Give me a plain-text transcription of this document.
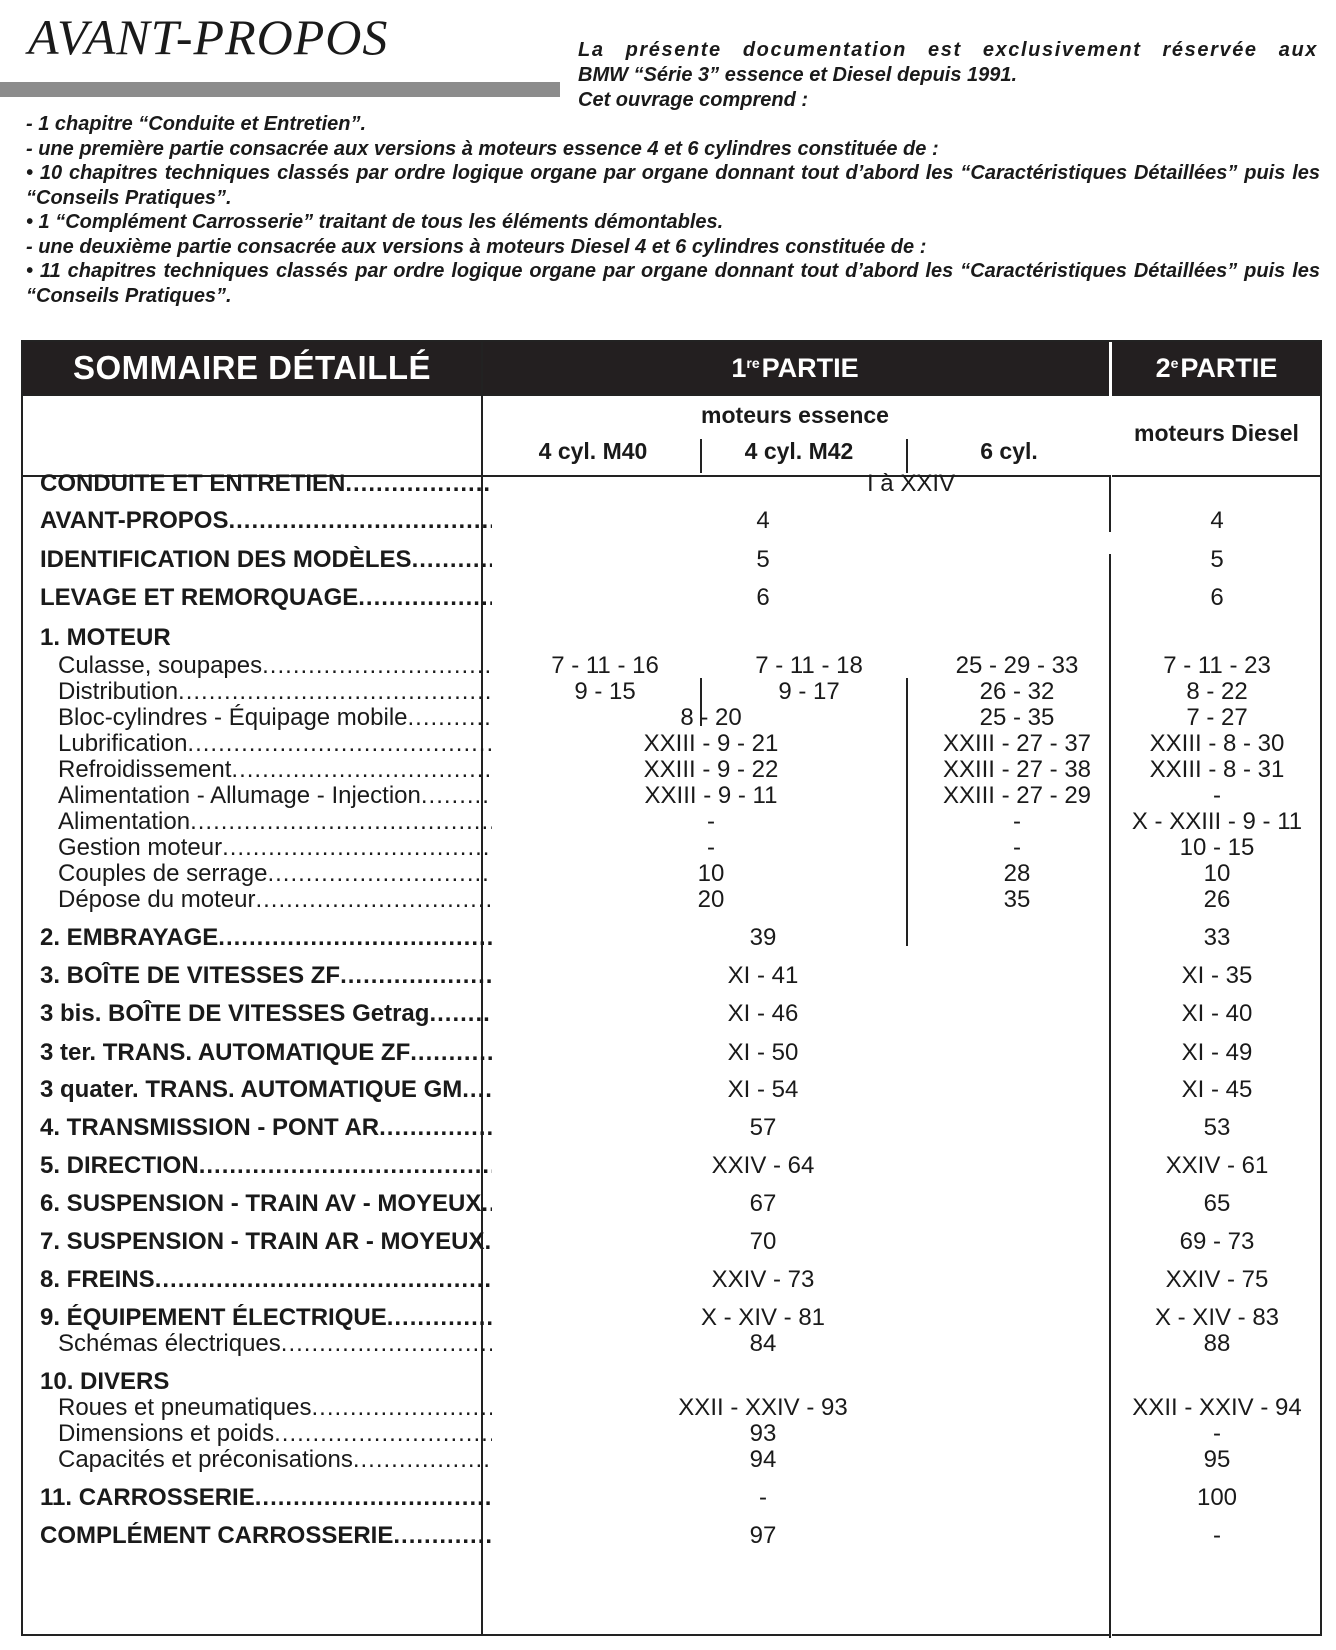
AVANT-PROPOS	La présente documentation est exclusivement réservée aux
BMW “Série 3” essence et Diesel depuis 1991.
Cet ouvrage comprend :
- 1 chapitre “Conduite et Entretien”.
- une première partie consacrée aux versions à moteurs essence 4 et 6 cylindres constituée de :
• 10 chapitres techniques classés par ordre logique organe par organe donnant tout d’abord les “Caractéristiques Détaillées” puis les
“Conseils Pratiques”.
• 1 “Complément Carrosserie” traitant de tous les éléments démontables.
- une deuxième partie consacrée aux versions à moteurs Diesel 4 et 6 cylindres constituée de :
• 11 chapitres techniques classés par ordre logique organe par organe donnant tout d’abord les “Caractéristiques Détaillées” puis les
“Conseils Pratiques”.
SOMMAIRE DÉTAILLÉ	1re PARTIE	2e PARTIE
moteurs essence
4 cyl. M40	4 cyl. M42	6 cyl.
moteurs Diesel
CONDUITE ET ENTRETIEN .....	I à XXIV
AVANT-PROPOS .....	4	4
IDENTIFICATION DES MODÈLES .....	5	5
LEVAGE ET REMORQUAGE .....	6	6
1. MOTEUR
Culasse, soupapes .....	7 - 11 - 16	7 - 11 - 18	25 - 29 - 33	7 - 11 - 23
Distribution .....	9 - 15	9 - 17	26 - 32	8 - 22
Bloc-cylindres - Équipage mobile .....	8 - 20	25 - 35	7 - 27
Lubrification .....	XXIII - 9 - 21	XXIII - 27 - 37	XXIII - 8 - 30
Refroidissement .....	XXIII - 9 - 22	XXIII - 27 - 38	XXIII - 8 - 31
Alimentation - Allumage - Injection .....	XXIII - 9 - 11	XXIII - 27 - 29	-
Alimentation .....	-	-	X - XXIII - 9 - 11
Gestion moteur .....	-	-	10 - 15
Couples de serrage .....	10	28	10
Dépose du moteur .....	20	35	26
2. EMBRAYAGE .....	39	33
3. BOÎTE DE VITESSES ZF .....	XI - 41	XI - 35
3 bis. BOÎTE DE VITESSES Getrag .....	XI - 46	XI - 40
3 ter. TRANS. AUTOMATIQUE ZF .....	XI - 50	XI - 49
3 quater. TRANS. AUTOMATIQUE GM .....	XI - 54	XI - 45
4. TRANSMISSION - PONT AR .....	57	53
5. DIRECTION .....	XXIV - 64	XXIV - 61
6. SUSPENSION - TRAIN AV - MOYEUX .....	67	65
7. SUSPENSION - TRAIN AR - MOYEUX .....	70	69 - 73
8. FREINS .....	XXIV - 73	XXIV - 75
9. ÉQUIPEMENT ÉLECTRIQUE .....	X - XIV - 81	X - XIV - 83
Schémas électriques .....	84	88
10. DIVERS
Roues et pneumatiques .....	XXII - XXIV - 93	XXII - XXIV - 94
Dimensions et poids .....	93	-
Capacités et préconisations .....	94	95
11. CARROSSERIE .....	-	100
COMPLÉMENT CARROSSERIE .....	97	-
